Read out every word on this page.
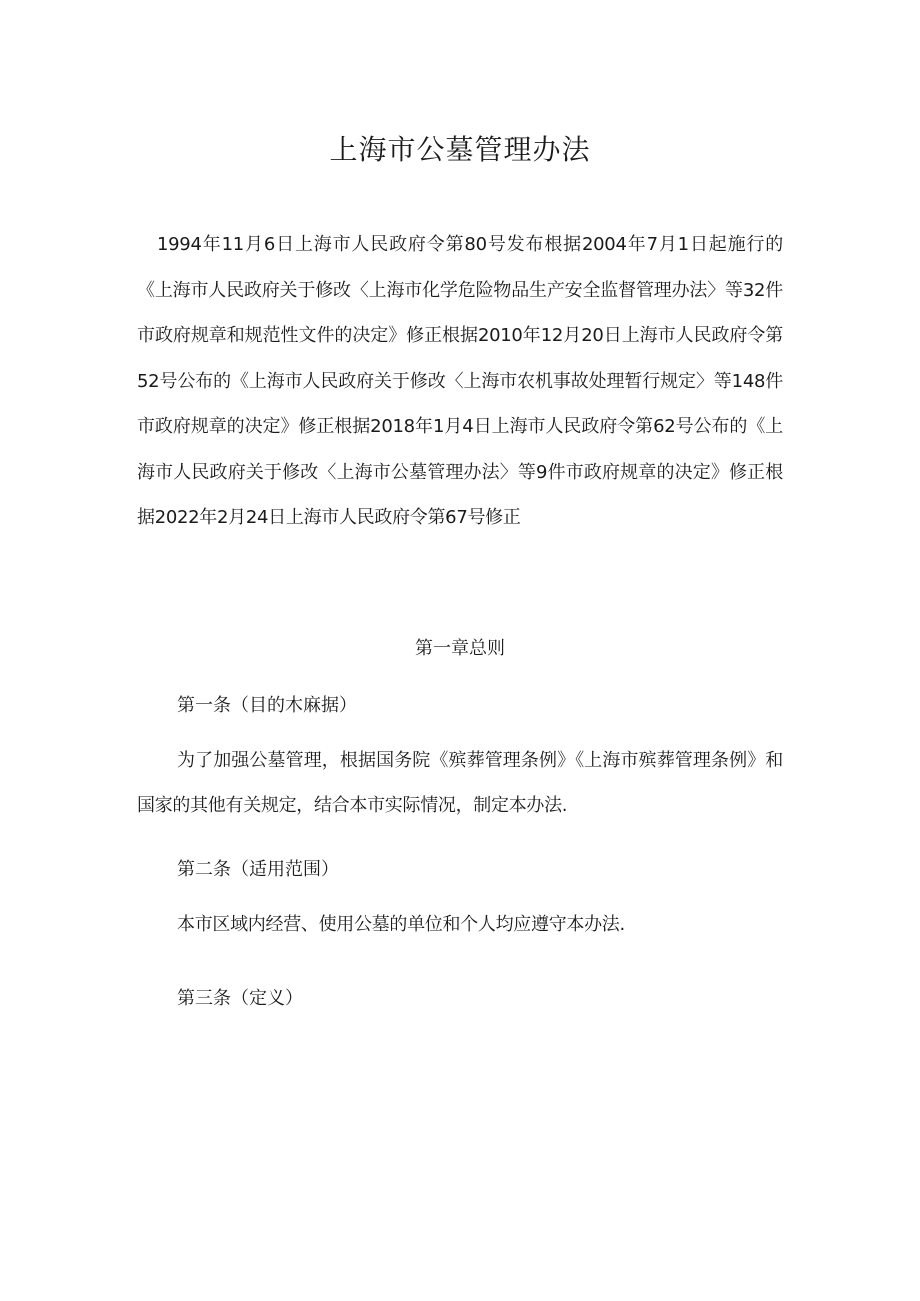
上海市公墓管理办法

1994年11月6日上海市人民政府令第80号发布根据2004年7月1日起施行的《上海市人民政府关于修改〈上海市化学危险物品生产安全监督管理办法〉等32件市政府规章和规范性文件的决定》修正根据2010年12月20日上海市人民政府令第52号公布的《上海市人民政府关于修改〈上海市农机事故处理暂行规定〉等148件市政府规章的决定》修正根据2018年1月4日上海市人民政府令第62号公布的《上海市人民政府关于修改〈上海市公墓管理办法〉等9件市政府规章的决定》修正根据2022年2月24日上海市人民政府令第67号修正

第一章总则
第一条（目的木麻据）

为了加强公墓管理，根据国务院《殡葬管理条例》《上海市殡葬管理条例》和国家的其他有关规定，结合本市实际情况，制定本办法.

第二条（适用范围）

本市区域内经营、使用公墓的单位和个人均应遵守本办法.

第三条（定义）
